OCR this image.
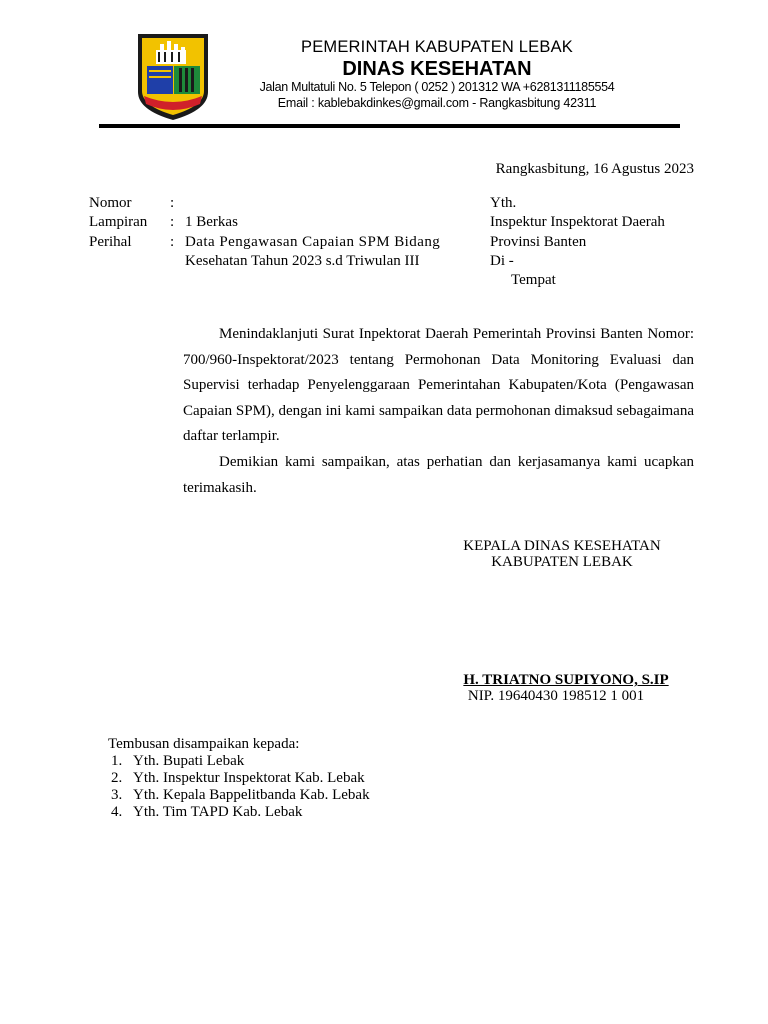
PEMERINTAH KABUPATEN LEBAK
DINAS KESEHATAN
Jalan Multatuli No. 5 Telepon ( 0252 ) 201312 WA +6281311185554
Email : kablebakdinkes@gmail.com - Rangkasbitung 42311
Rangkasbitung, 16 Agustus 2023
Nomor	:
Lampiran : 1 Berkas
Perihal	: Data Pengawasan Capaian SPM Bidang
Kesehatan Tahun 2023 s.d Triwulan III
Yth.
Inspektur Inspektorat Daerah
Provinsi Banten
Di -
Tempat

Menindaklanjuti Surat Inpektorat Daerah Pemerintah Provinsi Banten Nomor: 700/960-Inspektorat/2023 tentang Permohonan Data Monitoring Evaluasi dan Supervisi terhadap Penyelenggaraan Pemerintahan Kabupaten/Kota (Pengawasan Capaian SPM), dengan ini kami sampaikan data permohonan dimaksud sebagaimana daftar terlampir.

Demikian kami sampaikan, atas perhatian dan kerjasamanya kami ucapkan terimakasih.

KEPALA DINAS KESEHATAN
KABUPATEN LEBAK
H. TRIATNO SUPIYONO, S.IP
NIP. 19640430 198512 1 001
Tembusan disampaikan kepada:
1. Yth. Bupati Lebak
2. Yth. Inspektur Inspektorat Kab. Lebak
3. Yth. Kepala Bappelitbanda Kab. Lebak
4. Yth. Tim TAPD Kab. Lebak
